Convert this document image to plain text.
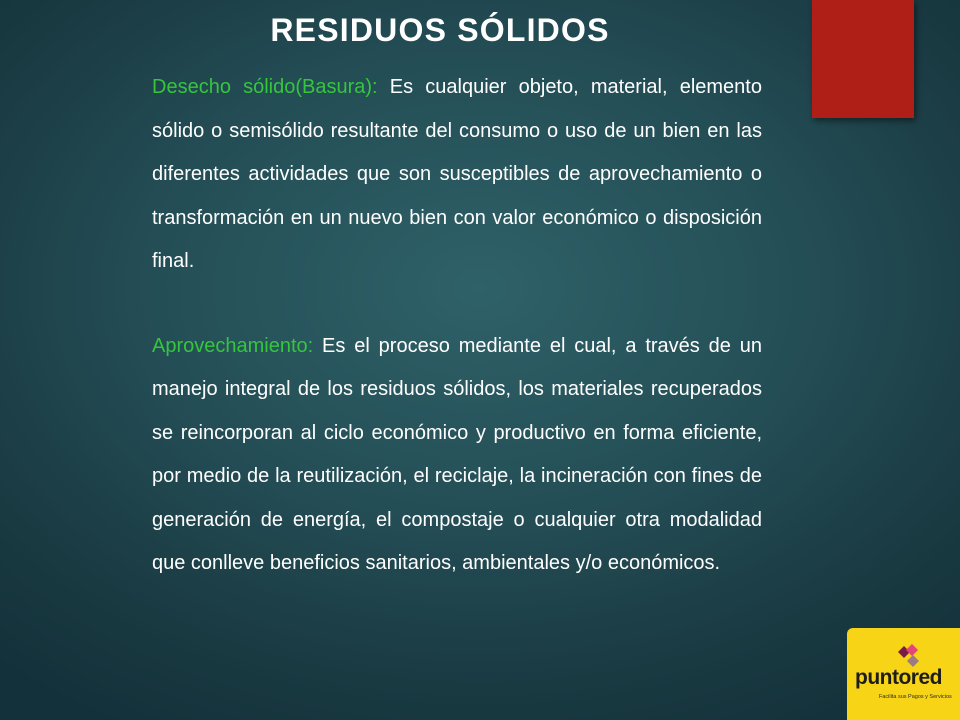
RESIDUOS SÓLIDOS

Desecho sólido(Basura): Es cualquier objeto, material, elemento sólido o semisólido resultante del consumo o uso de un bien en las diferentes actividades que son susceptibles de aprovechamiento o transformación en un nuevo bien con valor económico o disposición final.

Aprovechamiento: Es el proceso mediante el cual, a través de un manejo integral de los residuos sólidos, los materiales recuperados se reincorporan al ciclo económico y productivo en forma eficiente, por medio de la reutilización, el reciclaje, la incineración con fines de generación de energía, el compostaje o cualquier otra modalidad que conlleve beneficios sanitarios, ambientales y/o económicos.

puntored
Facilita sus Pagos y Servicios
